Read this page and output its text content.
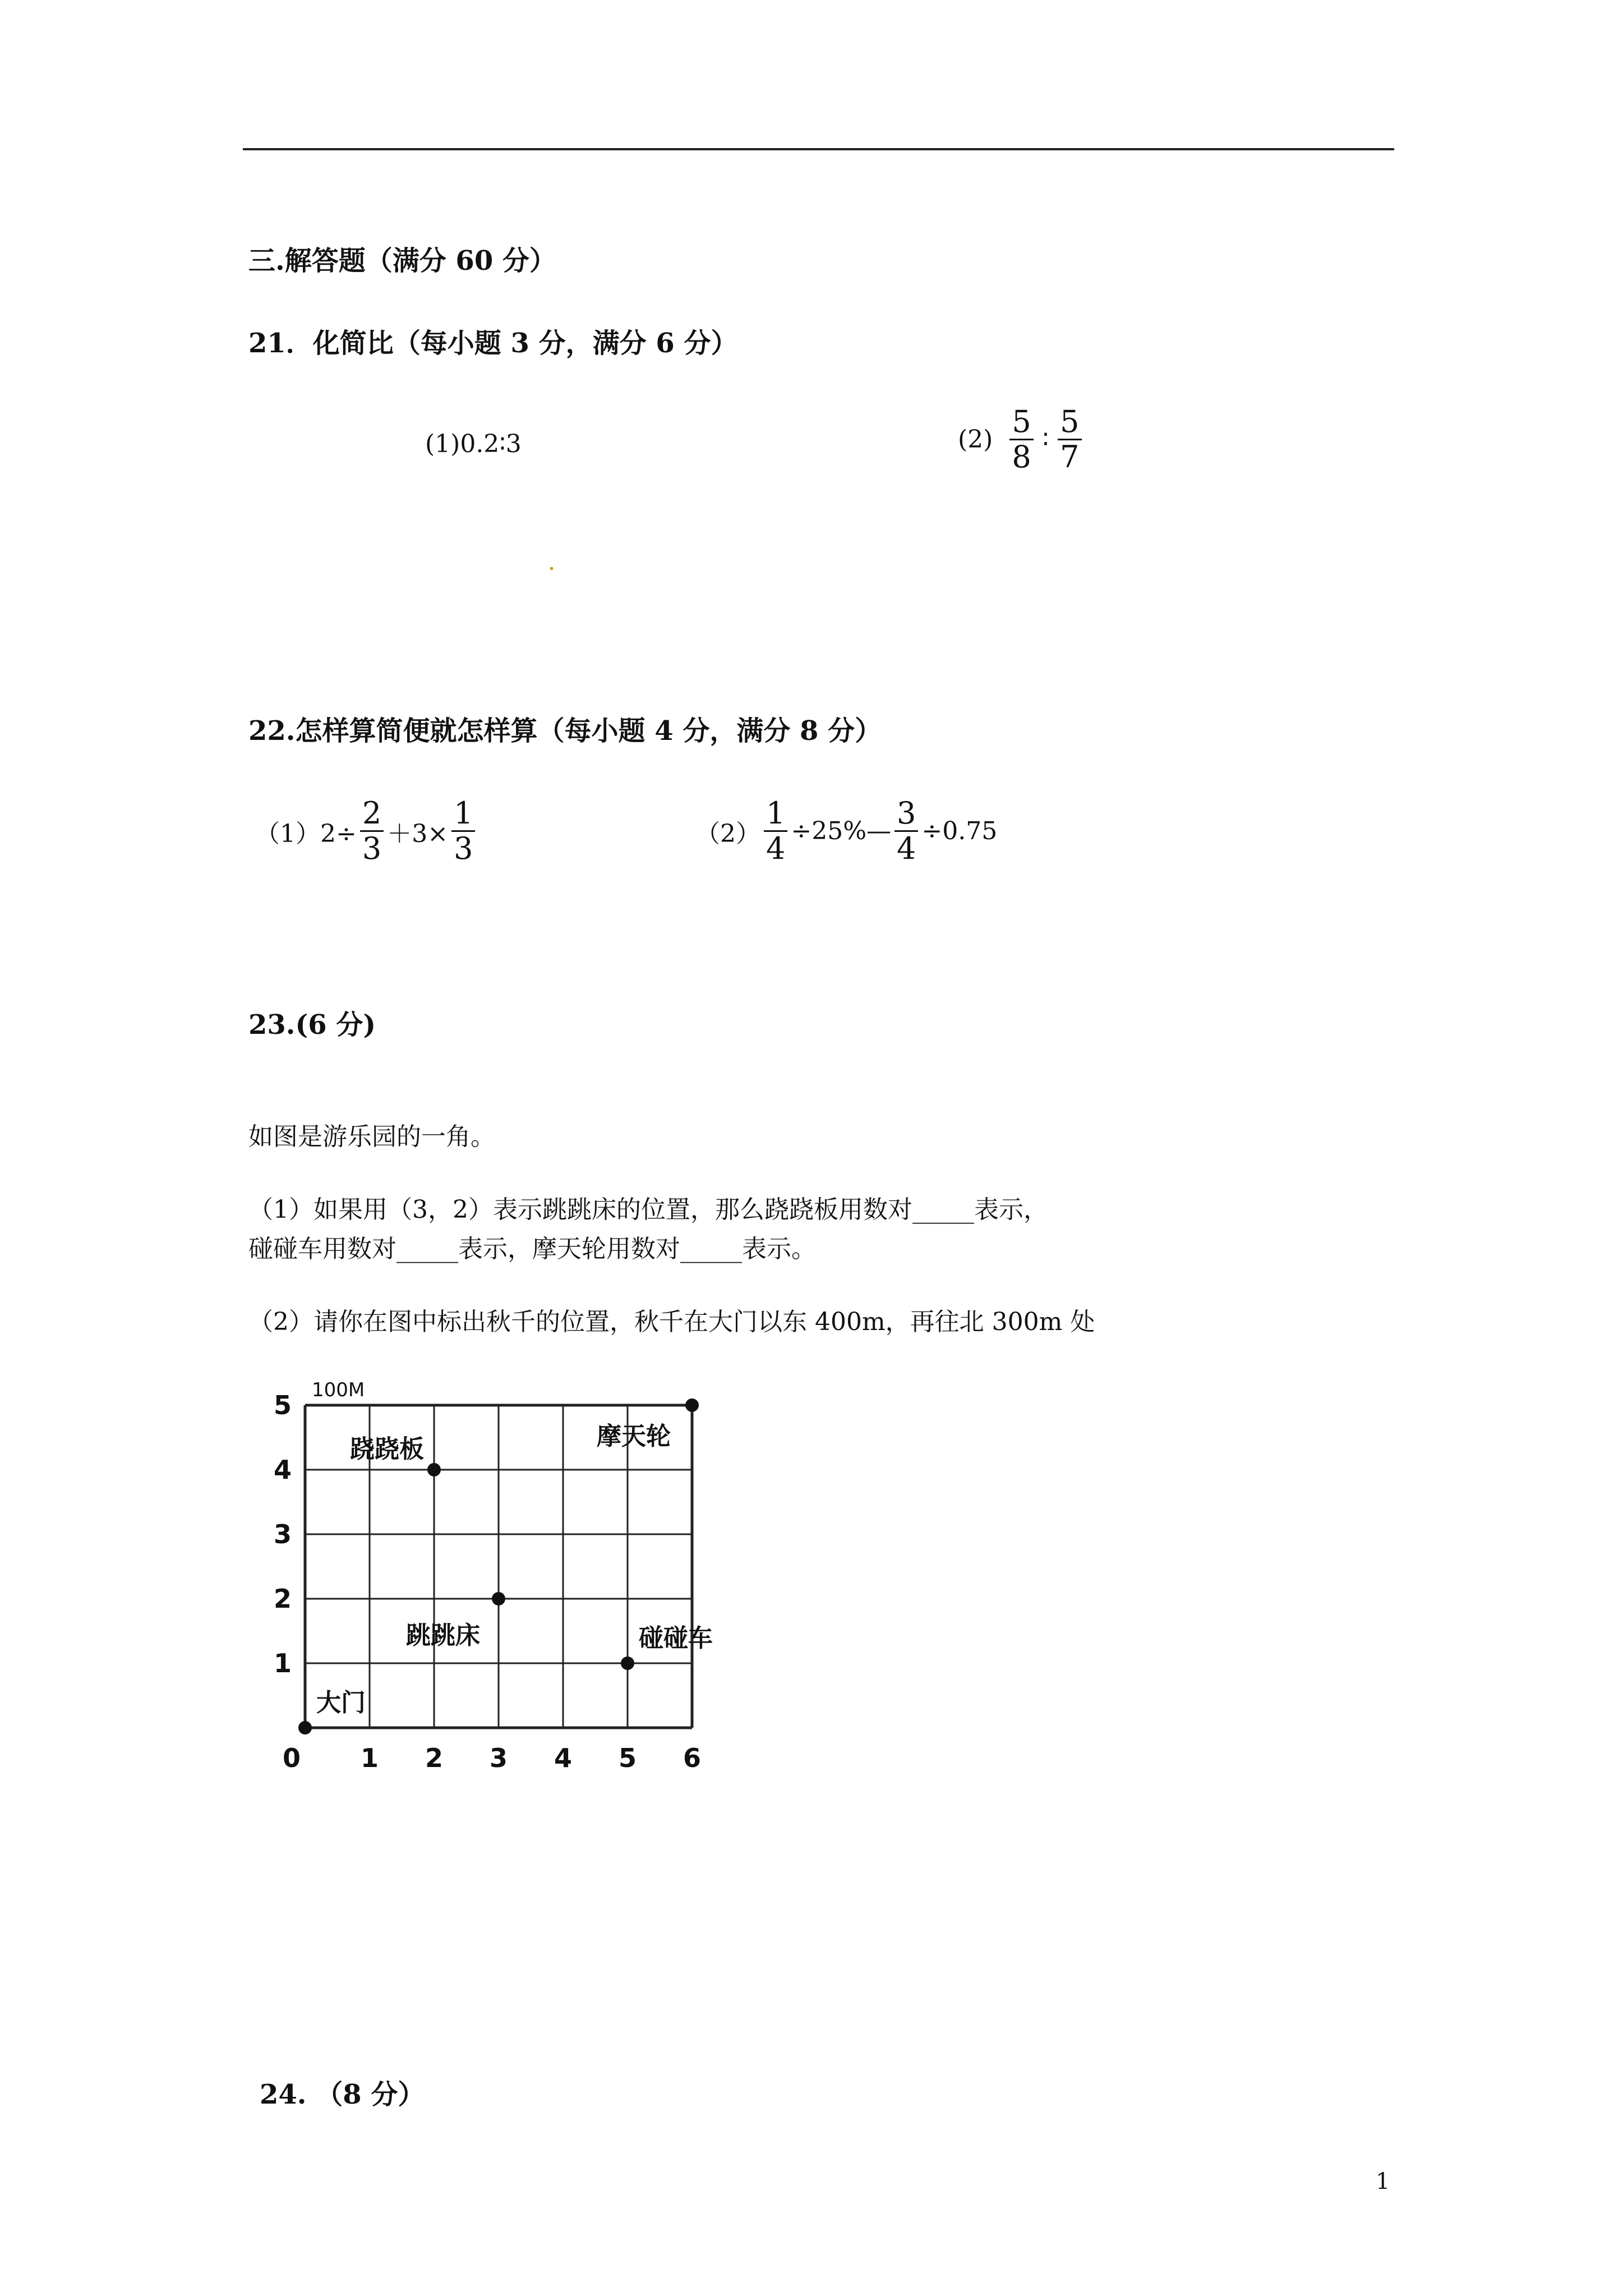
三.解答题（满分 60 分）
21．化简比（每小题 3 分，满分 6 分）
(1)0.2∶3	$(2) \frac{5}{8}$ ∶ $\frac{5}{7}$
22.怎样算简便就怎样算（每小题 4 分，满分 8 分）
$(1)2\div \frac{2}{3} +3\times \frac{1}{3}$	$(2) \frac{1}{4}$ ÷25%— $\frac{3}{4} \div 0.75$
23.(6 分)
如图是游乐园的一角。
（1）如果用（3，2）表示跳跳床的位置，那么跷跷板用数对_____表示，
碰碰车用数对_____表示，摩天轮用数对_____表示。
（2）请你在图中标出秋千的位置，秋千在大门以东 400m，再往北 300m 处
100M
0 1 2 3 4 5 6
1
2
3
4
5
大门
跷跷板	摩天轮
跳跳床	碰碰车
24. （8 分）
1
